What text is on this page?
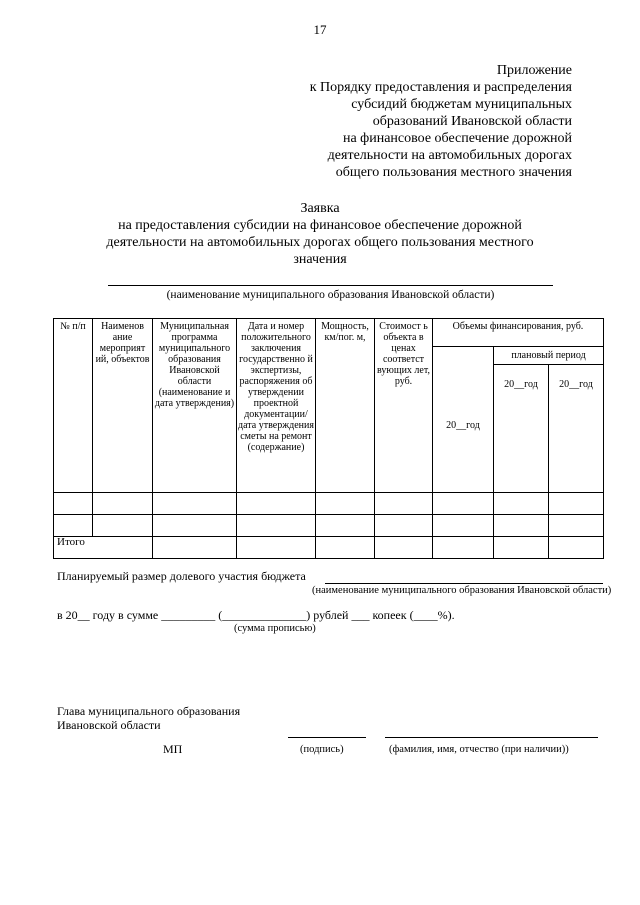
17
Приложение
к Порядку предоставления и распределения
субсидий бюджетам муниципальных
образований Ивановской области
на финансовое обеспечение дорожной
деятельности на автомобильных дорогах
общего пользования местного значения
Заявка
на предоставления субсидии на финансовое обеспечение дорожной
деятельности на автомобильных дорогах общего пользования местного
значения
(наименование муниципального образования Ивановской области)
№ п/п	Наименов ание мероприят ий, объектов	Муниципальная программа муниципального образования Ивановской области (наименование и дата утверждения)	Дата и номер положительного заключения государственно й экспертизы, распоряжения об утверждении проектной документации/ дата утверждения сметы на ремонт (содержание)	Мощность, км/пог. м,	Стоимост ь объекта в ценах соответст вующих лет, руб.	Объемы финансирования, руб.		
						20__год	плановый период	
							20__год	20__год

Итого								
Планируемый размер долевого участия бюджета
(наименование муниципального образования Ивановской области)
в 20__ году в сумме _________ (______________) рублей ___ копеек (____%).
(сумма прописью)
Глава муниципального образования
Ивановской области
МП	(подпись)	(фамилия, имя, отчество (при наличии))
